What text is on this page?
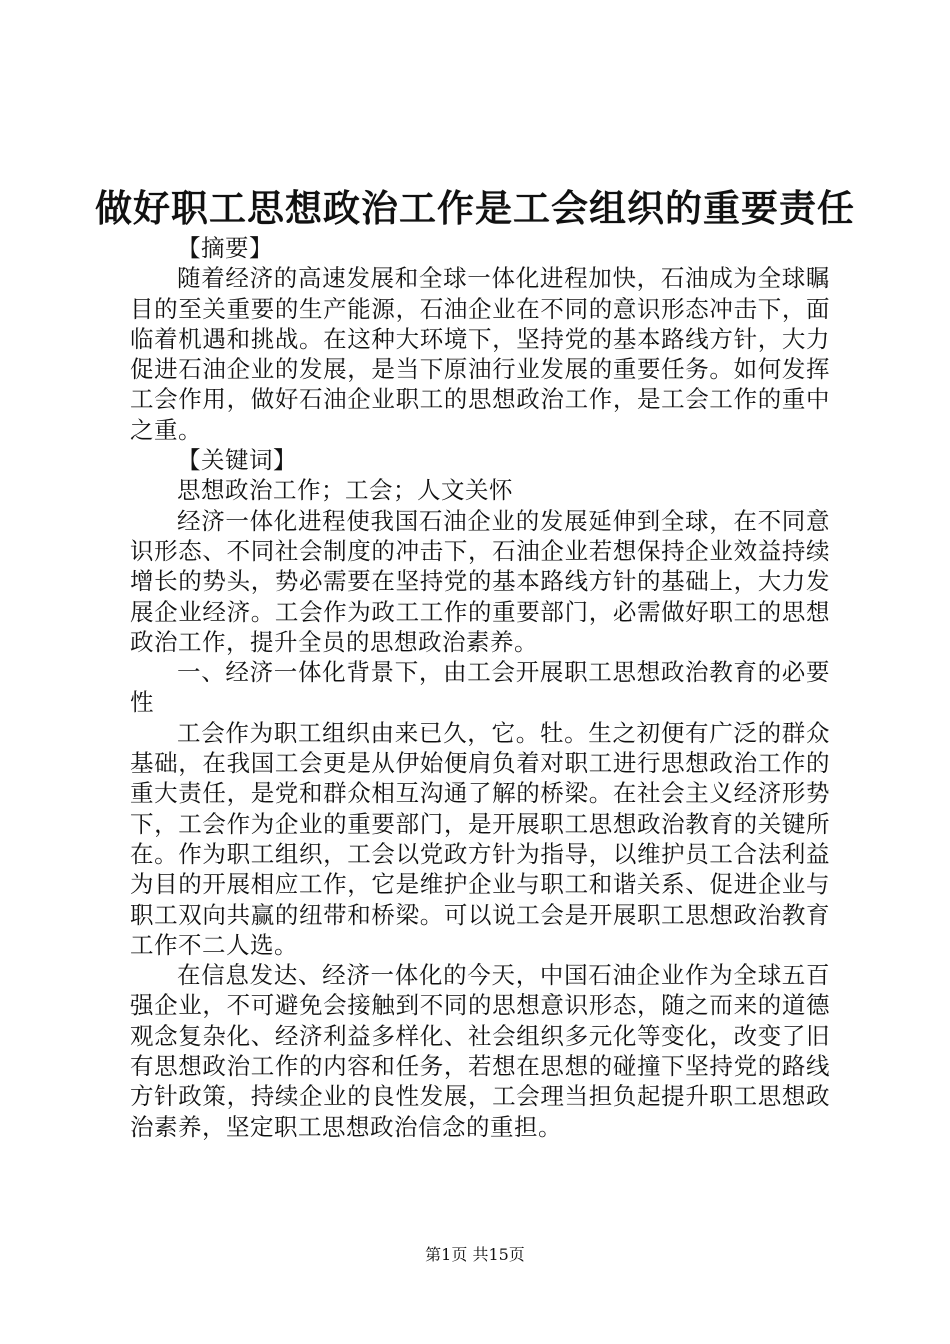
做好职工思想政治工作是工会组织的重要责任

【摘要】

随着经济的高速发展和全球一体化进程加快，石油成为全球瞩目的至关重要的生产能源，石油企业在不同的意识形态冲击下，面临着机遇和挑战。在这种大环境下，坚持党的基本路线方针，大力促进石油企业的发展，是当下原油行业发展的重要任务。如何发挥工会作用，做好石油企业职工的思想政治工作，是工会工作的重中之重。

【关键词】

思想政治工作；工会；人文关怀

经济一体化进程使我国石油企业的发展延伸到全球，在不同意识形态、不同社会制度的冲击下，石油企业若想保持企业效益持续增长的势头，势必需要在坚持党的基本路线方针的基础上，大力发展企业经济。工会作为政工工作的重要部门，必需做好职工的思想政治工作，提升全员的思想政治素养。

一、经济一体化背景下，由工会开展职工思想政治教育的必要性

工会作为职工组织由来已久，它。牡。生之初便有广泛的群众基础，在我国工会更是从伊始便肩负着对职工进行思想政治工作的重大责任，是党和群众相互沟通了解的桥梁。在社会主义经济形势下，工会作为企业的重要部门，是开展职工思想政治教育的关键所在。作为职工组织，工会以党政方针为指导，以维护员工合法利益为目的开展相应工作，它是维护企业与职工和谐关系、促进企业与职工双向共赢的纽带和桥梁。可以说工会是开展职工思想政治教育工作不二人选。

在信息发达、经济一体化的今天，中国石油企业作为全球五百强企业，不可避免会接触到不同的思想意识形态，随之而来的道德观念复杂化、经济利益多样化、社会组织多元化等变化，改变了旧有思想政治工作的内容和任务，若想在思想的碰撞下坚持党的路线方针政策，持续企业的良性发展，工会理当担负起提升职工思想政治素养，坚定职工思想政治信念的重担。

第1页 共15页
